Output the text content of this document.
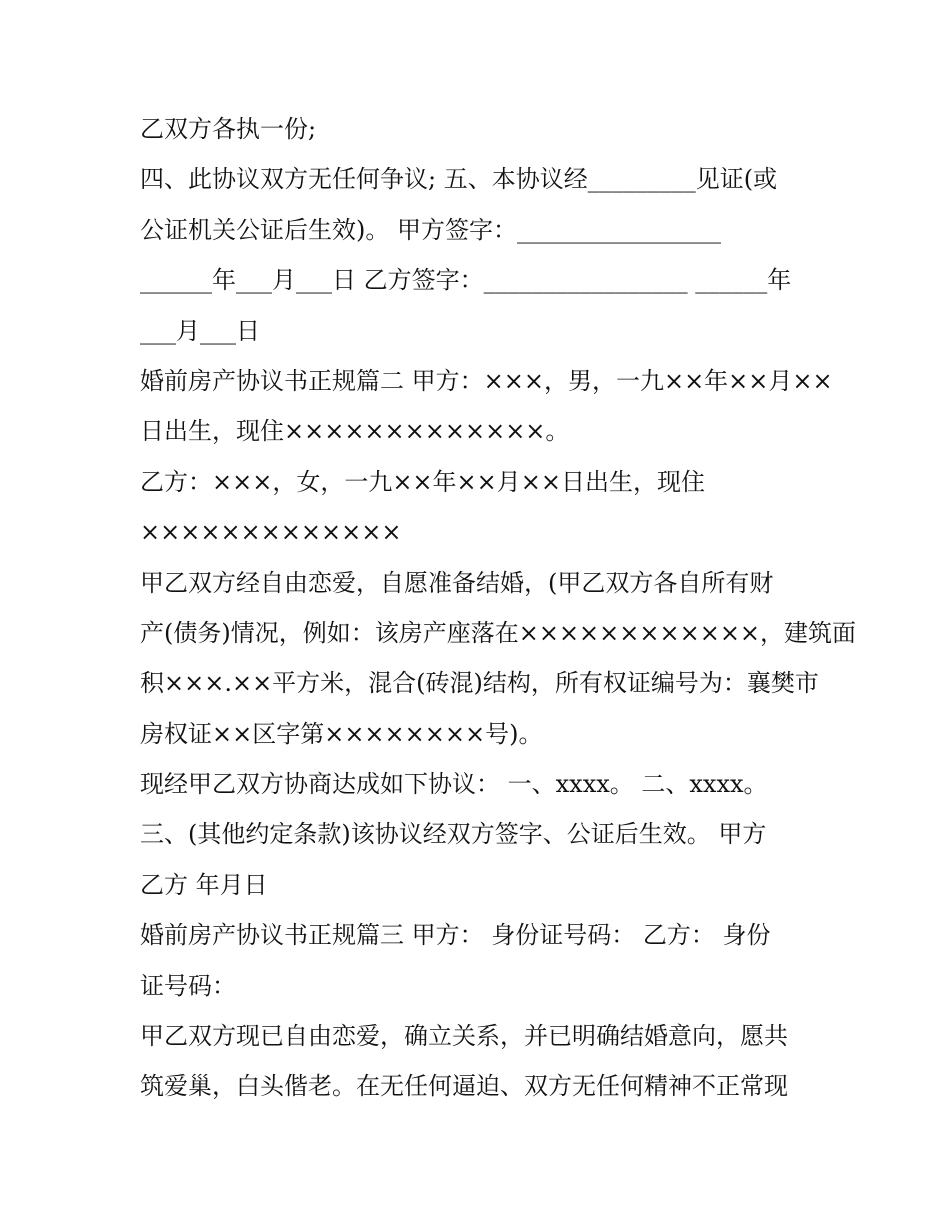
乙双方各执一份;
四、此协议双方无任何争议; 五、本协议经_________见证(或
公证机关公证后生效)。 甲方签字：_________________
______年___月___日 乙方签字：_________________ ______年
___月___日
婚前房产协议书正规篇二 甲方：×××，男，一九××年××月××
日出生，现住×××××××××××××。
乙方：×××，女，一九××年××月××日出生，现住
×××××××××××××
甲乙双方经自由恋爱，自愿准备结婚，(甲乙双方各自所有财
产(债务)情况，例如：该房产座落在××××××××××××，建筑面
积×××.××平方米，混合(砖混)结构，所有权证编号为：襄樊市
房权证××区字第××××××××号)。
现经甲乙双方协商达成如下协议： 一、xxxx。 二、xxxx。
三、(其他约定条款)该协议经双方签字、公证后生效。 甲方
乙方 年月日
婚前房产协议书正规篇三 甲方： 身份证号码： 乙方： 身份
证号码：
甲乙双方现已自由恋爱，确立关系，并已明确结婚意向，愿共
筑爱巢，白头偕老。在无任何逼迫、双方无任何精神不正常现
